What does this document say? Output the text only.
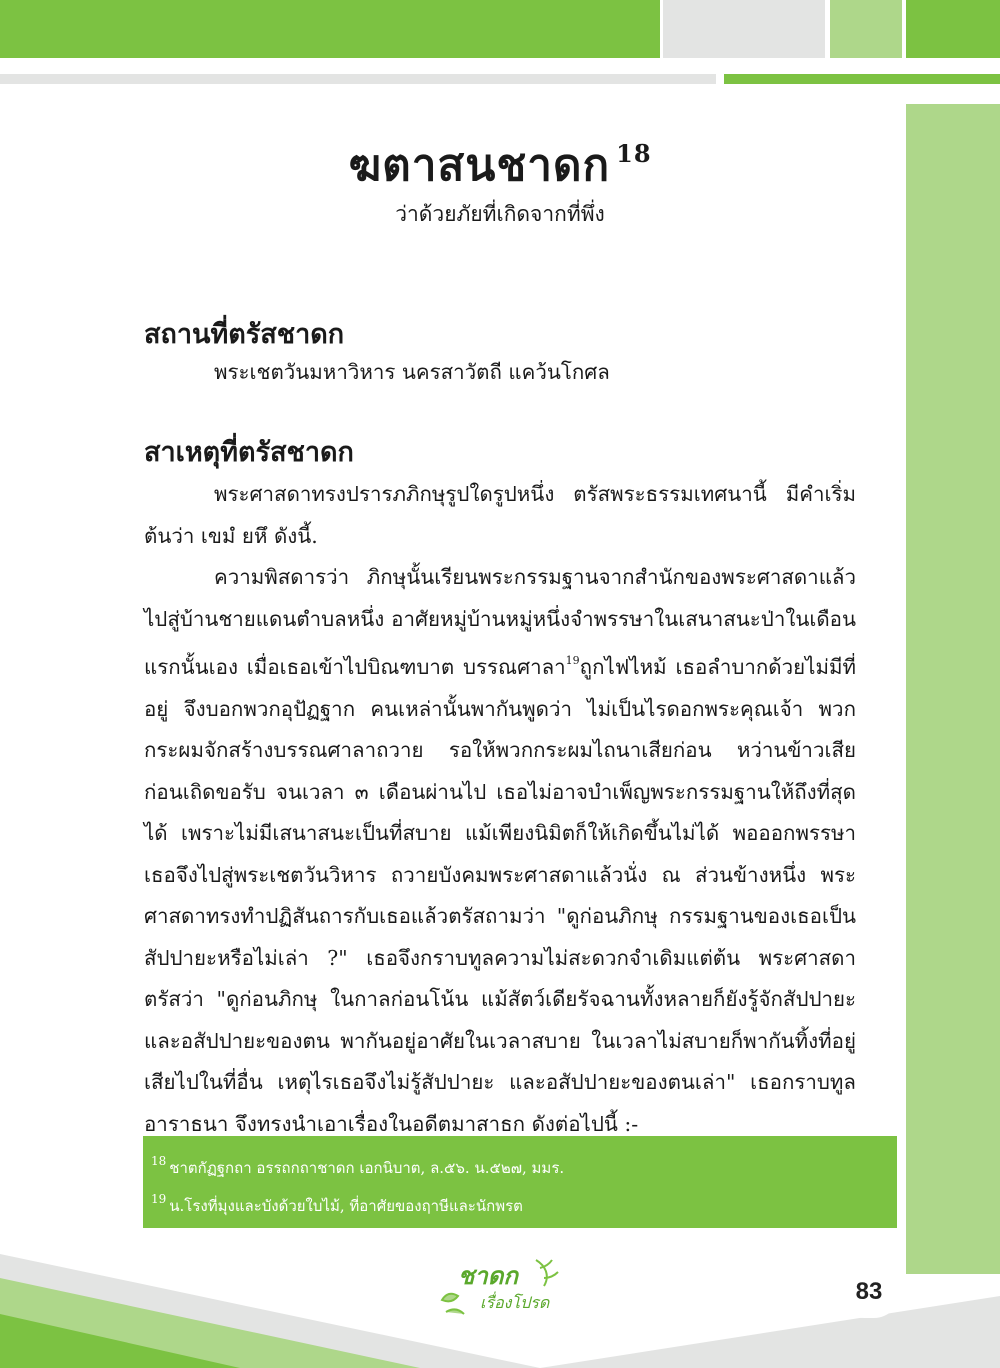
ฆตาสนชาดก $^{18}$
ว่าด้วยภัยที่เกิดจากที่พึ่ง
สถานที่ตรัสชาดก
พระเชตวันมหาวิหาร นครสาวัตถี แคว้นโกศล
สาเหตุที่ตรัสชาดก
พระศาสดาทรงปรารภภิกษุรูปใดรูปหนึ่ง ตรัสพระธรรมเทศนานี้ มีคำเริ่มต้นว่า เขมํ ยหึ ดังนี้.
ความพิสดารว่า ภิกษุนั้นเรียนพระกรรมฐานจากสำนักของพระศาสดาแล้ว ไปสู่บ้านชายแดนตำบลหนึ่ง อาศัยหมู่บ้านหมู่หนึ่งจำพรรษาในเสนาสนะป่าในเดือนแรกนั้นเอง เมื่อเธอเข้าไปบิณฑบาต บรรณศาลา$^{19}$ถูกไฟไหม้ เธอลำบากด้วยไม่มีที่อยู่ จึงบอกพวกอุปัฏฐาก คนเหล่านั้นพากันพูดว่า ไม่เป็นไรดอกพระคุณเจ้า พวกกระผมจักสร้างบรรณศาลาถวาย รอให้พวกกระผมไถนาเสียก่อน หว่านข้าวเสียก่อนเถิดขอรับ จนเวลา ๓ เดือนผ่านไป เธอไม่อาจบำเพ็ญพระกรรมฐานให้ถึงที่สุดได้ เพราะไม่มีเสนาสนะเป็นที่สบาย แม้เพียงนิมิตก็ให้เกิดขึ้นไม่ได้ พอออกพรรษา เธอจึงไปสู่พระเชตวันวิหาร ถวายบังคมพระศาสดาแล้วนั่ง ณ ส่วนข้างหนึ่ง พระศาสดาทรงทำปฏิสันถารกับเธอแล้วตรัสถามว่า "ดูก่อนภิกษุ กรรมฐานของเธอเป็นสัปปายะหรือไม่เล่า ?" เธอจึงกราบทูลความไม่สะดวกจำเดิมแต่ต้น พระศาสดาตรัสว่า "ดูก่อนภิกษุ ในกาลก่อนโน้น แม้สัตว์เดียรัจฉานทั้งหลายก็ยังรู้จักสัปปายะ และอสัปปายะของตน พากันอยู่อาศัยในเวลาสบาย ในเวลาไม่สบายก็พากันทิ้งที่อยู่เสียไปในที่อื่น เหตุไรเธอจึงไม่รู้สัปปายะ และอสัปปายะของตนเล่า" เธอกราบทูลอาราธนา จึงทรงนำเอาเรื่องในอดีตมาสาธก ดังต่อไปนี้ :-
$^{18}$ ชาตกัฏฐกถา อรรถกถาชาดก เอกนิบาต, ล.๕๖. น.๕๒๗, มมร.
$^{19}$ น.โรงที่มุงและบังด้วยใบไม้, ที่อาศัยของฤาษีและนักพรต
ชาดก
เรื่องโปรด	83
